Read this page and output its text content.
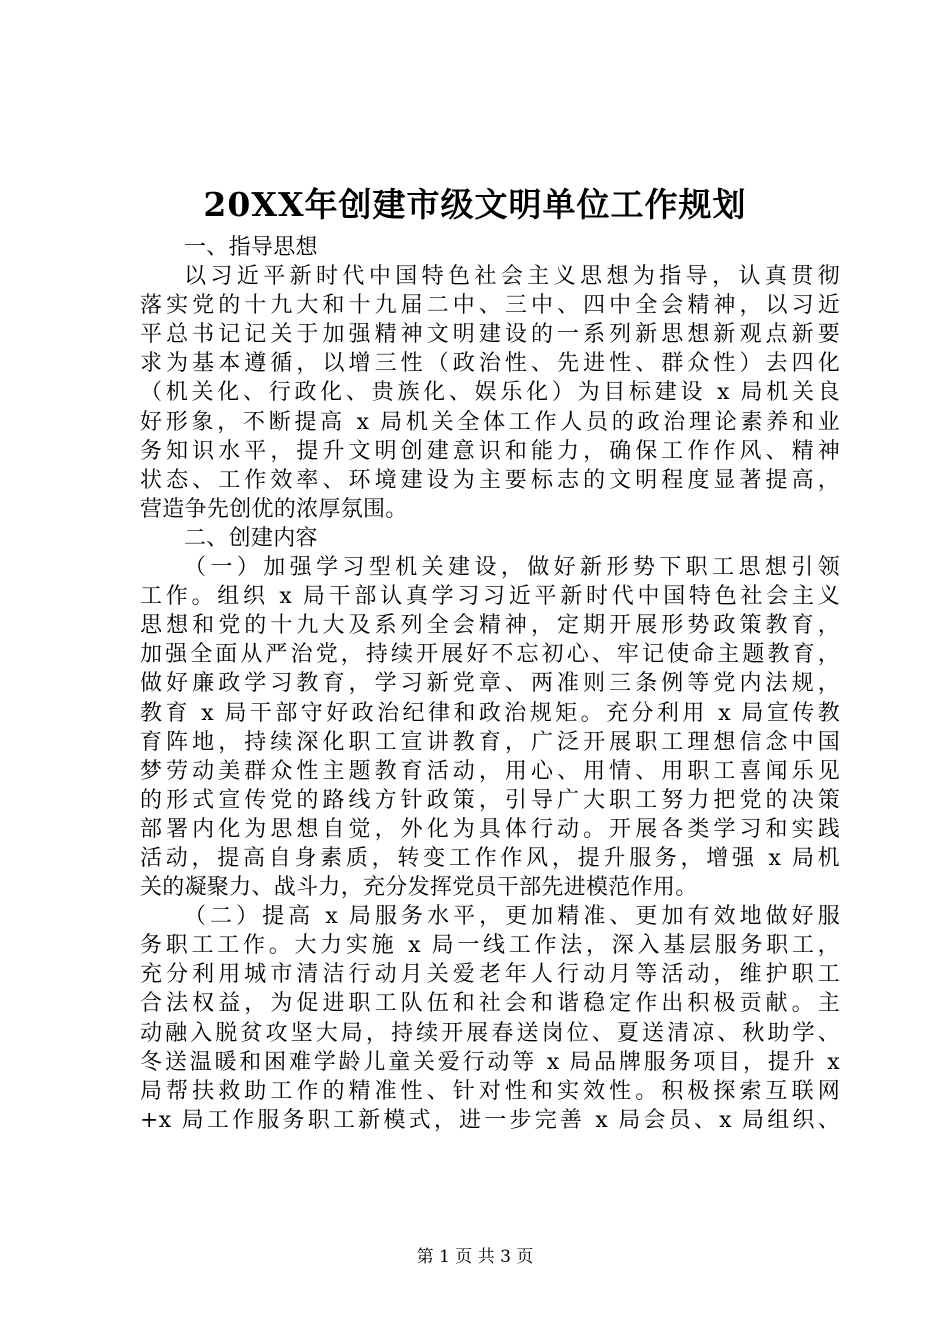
20XX年创建市级文明单位工作规划
一、指导思想
以习近平新时代中国特色社会主义思想为指导，认真贯彻
落实党的十九大和十九届二中、三中、四中全会精神，以习近
平总书记记关于加强精神文明建设的一系列新思想新观点新要
求为基本遵循，以增三性（政治性、先进性、群众性）去四化
（机关化、行政化、贵族化、娱乐化）为目标建设 x 局机关良
好形象，不断提高 x 局机关全体工作人员的政治理论素养和业
务知识水平，提升文明创建意识和能力，确保工作作风、精神
状态、工作效率、环境建设为主要标志的文明程度显著提高，
营造争先创优的浓厚氛围。
二、创建内容
（一）加强学习型机关建设，做好新形势下职工思想引领
工作。组织 x 局干部认真学习习近平新时代中国特色社会主义
思想和党的十九大及系列全会精神，定期开展形势政策教育，
加强全面从严治党，持续开展好不忘初心、牢记使命主题教育，
做好廉政学习教育，学习新党章、两准则三条例等党内法规，
教育 x 局干部守好政治纪律和政治规矩。充分利用 x 局宣传教
育阵地，持续深化职工宣讲教育，广泛开展职工理想信念中国
梦劳动美群众性主题教育活动，用心、用情、用职工喜闻乐见
的形式宣传党的路线方针政策，引导广大职工努力把党的决策
部署内化为思想自觉，外化为具体行动。开展各类学习和实践
活动，提高自身素质，转变工作作风，提升服务，增强 x 局机
关的凝聚力、战斗力，充分发挥党员干部先进模范作用。
（二）提高 x 局服务水平，更加精准、更加有效地做好服
务职工工作。大力实施 x 局一线工作法，深入基层服务职工，
充分利用城市清洁行动月关爱老年人行动月等活动，维护职工
合法权益，为促进职工队伍和社会和谐稳定作出积极贡献。主
动融入脱贫攻坚大局，持续开展春送岗位、夏送清凉、秋助学、
冬送温暖和困难学龄儿童关爱行动等 x 局品牌服务项目，提升 x
局帮扶救助工作的精准性、针对性和实效性。积极探索互联网
+x 局工作服务职工新模式，进一步完善 x 局会员、x 局组织、
第 1 页 共 3 页
